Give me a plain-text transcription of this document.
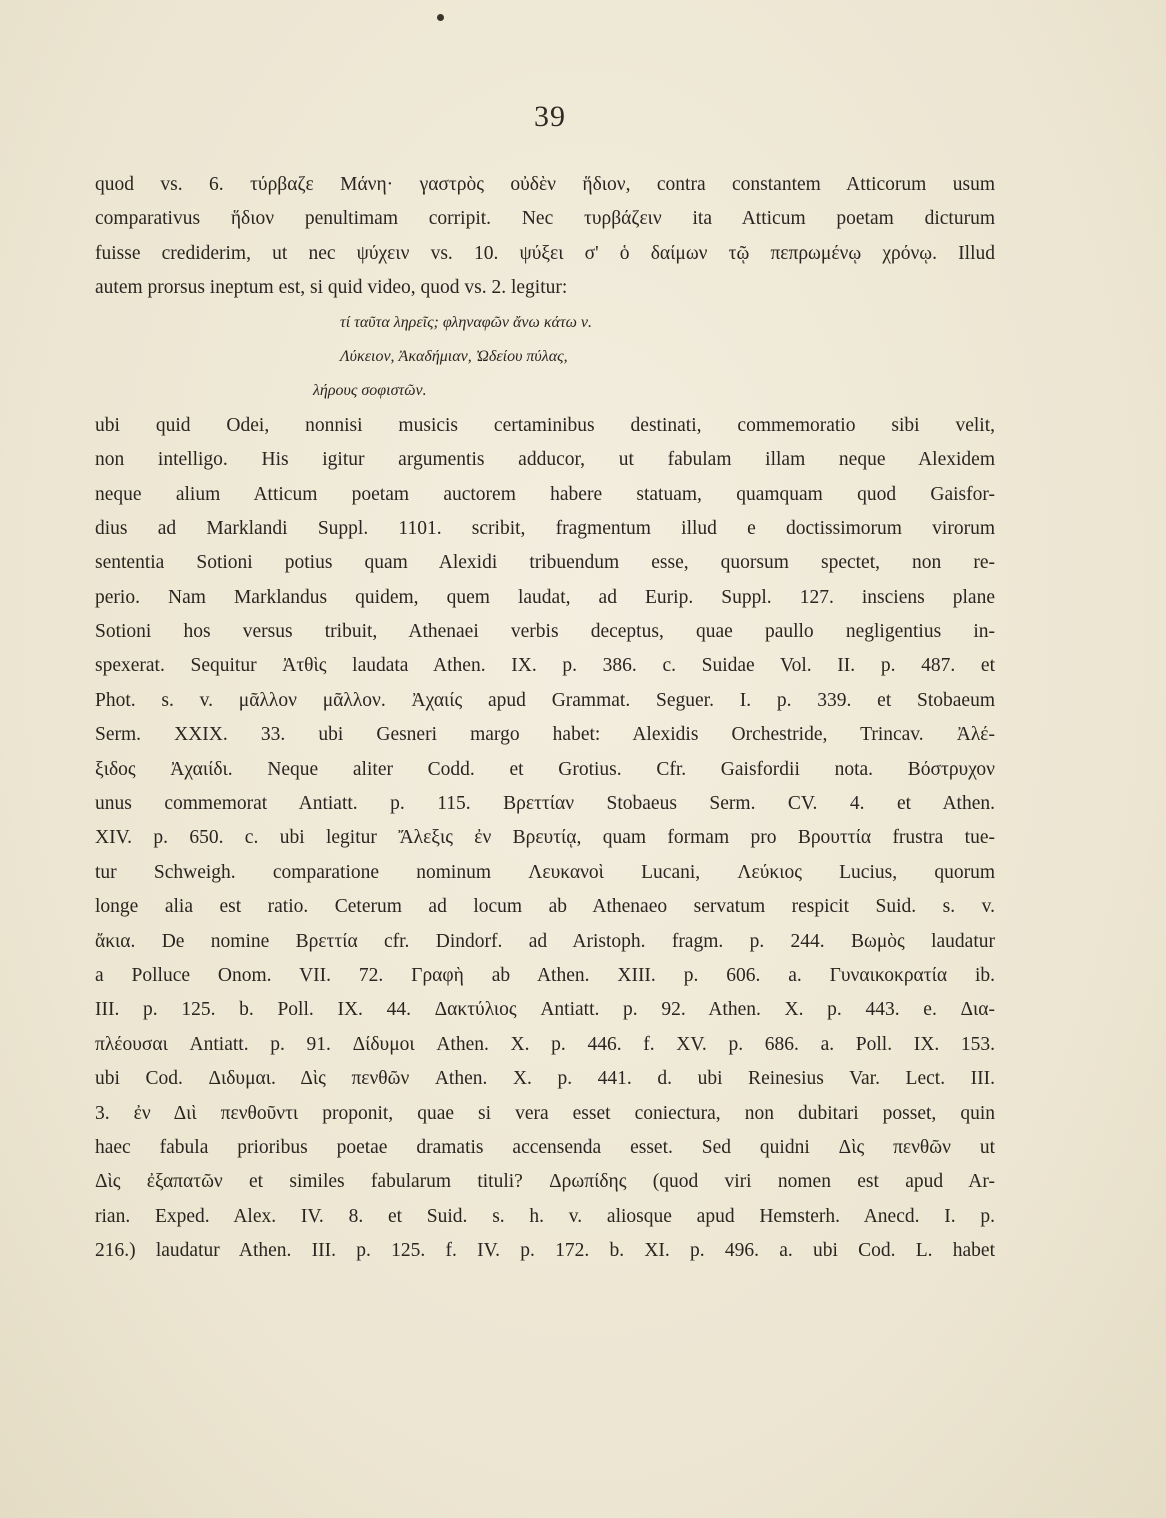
39
quod vs. 6. τύρβαζε Μάνη· γαστρὸς οὐδὲν ἥδιον, contra constantem Atticorum usum
comparativus ἥδιον penultimam corripit. Nec τυρβάζειν ita Atticum poetam dicturum
fuisse crediderim, ut nec ψύχειν vs. 10. ψύξει σ' ὁ δαίμων τῷ πεπρωμένῳ χρόνῳ. Illud
autem prorsus ineptum est, si quid video, quod vs. 2. legitur:
τί ταῦτα ληρεῖς; φληναφῶν ἄνω κάτω ν.
Λύκειον, Ἀκαδήμιαν, Ὠδείου πύλας,
λήρους σοφιστῶν.
ubi quid Odei, nonnisi musicis certaminibus destinati, commemoratio sibi velit,
non intelligo. His igitur argumentis adducor, ut fabulam illam neque Alexidem
neque alium Atticum poetam auctorem habere statuam, quamquam quod Gaisfor-
dius ad Marklandi Suppl. 1101. scribit, fragmentum illud e doctissimorum virorum
sententia Sotioni potius quam Alexidi tribuendum esse, quorsum spectet, non re-
perio. Nam Marklandus quidem, quem laudat, ad Eurip. Suppl. 127. insciens plane
Sotioni hos versus tribuit, Athenaei verbis deceptus, quae paullo negligentius in-
spexerat. Sequitur Ἀτθὶς laudata Athen. IX. p. 386. c. Suidae Vol. II. p. 487. et
Phot. s. v. μᾶλλον μᾶλλον. Ἀχαιίς apud Grammat. Seguer. I. p. 339. et Stobaeum
Serm. XXIX. 33. ubi Gesneri margo habet: Alexidis Orchestride, Trincav. Ἀλέ-
ξιδος Ἀχαιίδι. Neque aliter Codd. et Grotius. Cfr. Gaisfordii nota. Βόστρυχον
unus commemorat Antiatt. p. 115. Βρεττίαν Stobaeus Serm. CV. 4. et Athen.
XIV. p. 650. c. ubi legitur Ἄλεξις ἐν Βρευτίᾳ, quam formam pro Βρουττία frustra tue-
tur Schweigh. comparatione nominum Λευκανοὶ Lucani, Λεύκιος Lucius, quorum
longe alia est ratio. Ceterum ad locum ab Athenaeo servatum respicit Suid. s. v.
ἄκια. De nomine Βρεττία cfr. Dindorf. ad Aristoph. fragm. p. 244. Βωμὸς laudatur
a Polluce Onom. VII. 72. Γραφὴ ab Athen. XIII. p. 606. a. Γυναικοκρατία ib.
III. p. 125. b. Poll. IX. 44. Δακτύλιος Antiatt. p. 92. Athen. X. p. 443. e. Δια-
πλέουσαι Antiatt. p. 91. Δίδυμοι Athen. X. p. 446. f. XV. p. 686. a. Poll. IX. 153.
ubi Cod. Διδυμαι. Δὶς πενθῶν Athen. X. p. 441. d. ubi Reinesius Var. Lect. III.
3. ἐν Διὶ πενθοῦντι proponit, quae si vera esset coniectura, non dubitari posset, quin
haec fabula prioribus poetae dramatis accensenda esset. Sed quidni Δὶς πενθῶν ut
Δὶς ἐξαπατῶν et similes fabularum tituli? Δρωπίδης (quod viri nomen est apud Ar-
rian. Exped. Alex. IV. 8. et Suid. s. h. v. aliosque apud Hemsterh. Anecd. I. p.
216.) laudatur Athen. III. p. 125. f. IV. p. 172. b. XI. p. 496. a. ubi Cod. L. habet
